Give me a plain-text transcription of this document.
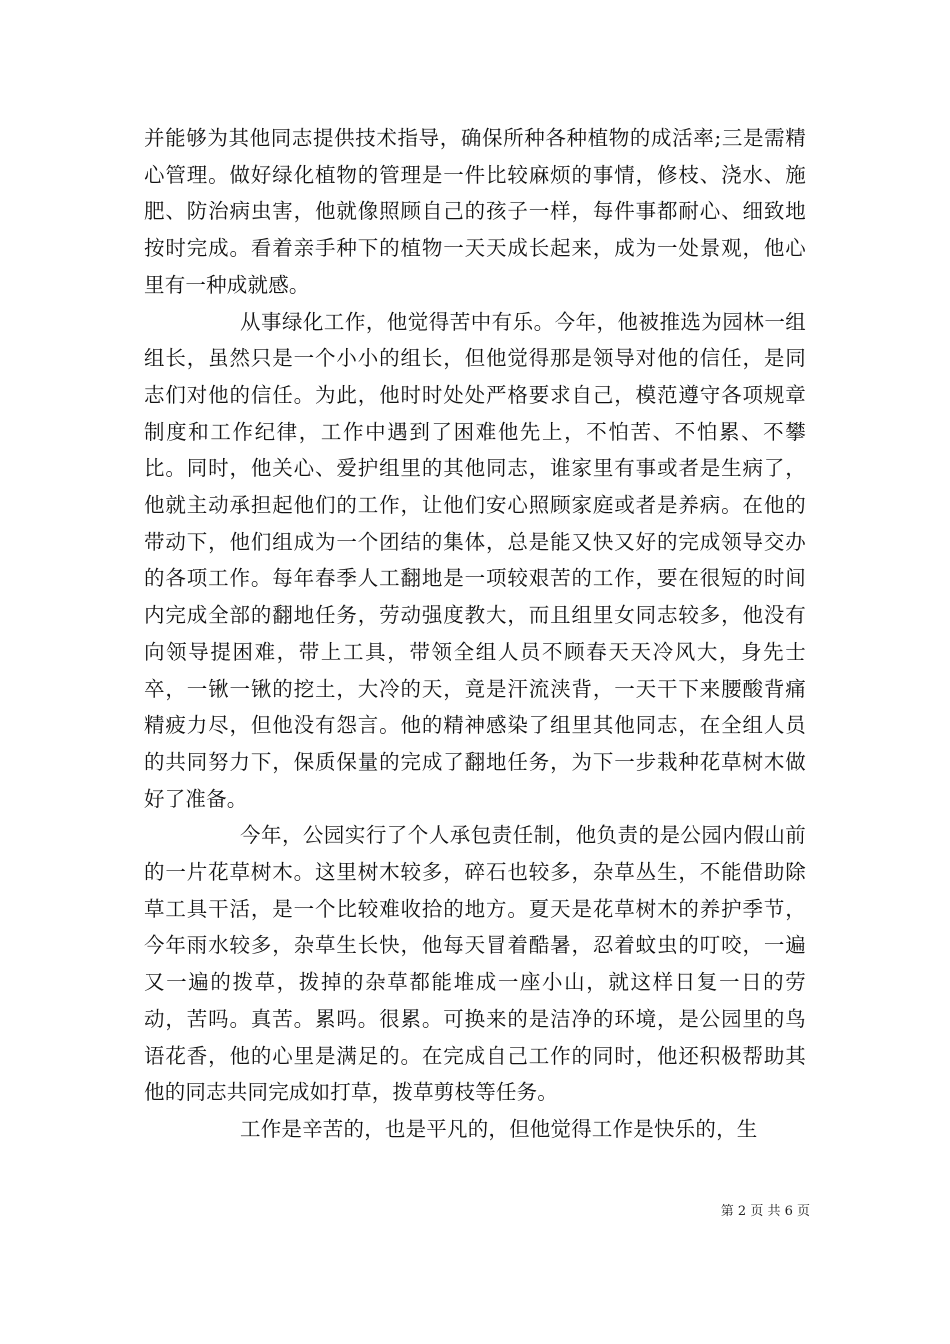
并能够为其他同志提供技术指导，确保所种各种植物的成活率;三是需精心管理。做好绿化植物的管理是一件比较麻烦的事情，修枝、浇水、施肥、防治病虫害，他就像照顾自己的孩子一样，每件事都耐心、细致地按时完成。看着亲手种下的植物一天天成长起来，成为一处景观，他心里有一种成就感。

从事绿化工作，他觉得苦中有乐。今年，他被推选为园林一组组长，虽然只是一个小小的组长，但他觉得那是领导对他的信任，是同志们对他的信任。为此，他时时处处严格要求自己，模范遵守各项规章制度和工作纪律，工作中遇到了困难他先上，不怕苦、不怕累、不攀比。同时，他关心、爱护组里的其他同志，谁家里有事或者是生病了，他就主动承担起他们的工作，让他们安心照顾家庭或者是养病。在他的带动下，他们组成为一个团结的集体，总是能又快又好的完成领导交办的各项工作。每年春季人工翻地是一项较艰苦的工作，要在很短的时间内完成全部的翻地任务，劳动强度教大，而且组里女同志较多，他没有向领导提困难，带上工具，带领全组人员不顾春天天冷风大，身先士卒，一锹一锹的挖土，大冷的天，竟是汗流浃背，一天干下来腰酸背痛精疲力尽，但他没有怨言。他的精神感染了组里其他同志，在全组人员的共同努力下，保质保量的完成了翻地任务，为下一步栽种花草树木做好了准备。

今年，公园实行了个人承包责任制，他负责的是公园内假山前的一片花草树木。这里树木较多，碎石也较多，杂草丛生，不能借助除草工具干活，是一个比较难收拾的地方。夏天是花草树木的养护季节，今年雨水较多，杂草生长快，他每天冒着酷暑，忍着蚊虫的叮咬，一遍又一遍的拨草，拨掉的杂草都能堆成一座小山，就这样日复一日的劳动，苦吗。真苦。累吗。很累。可换来的是洁净的环境，是公园里的鸟语花香，他的心里是满足的。在完成自己工作的同时，他还积极帮助其他的同志共同完成如打草，拨草剪枝等任务。

工作是辛苦的，也是平凡的，但他觉得工作是快乐的，生

第 2 页 共 6 页
